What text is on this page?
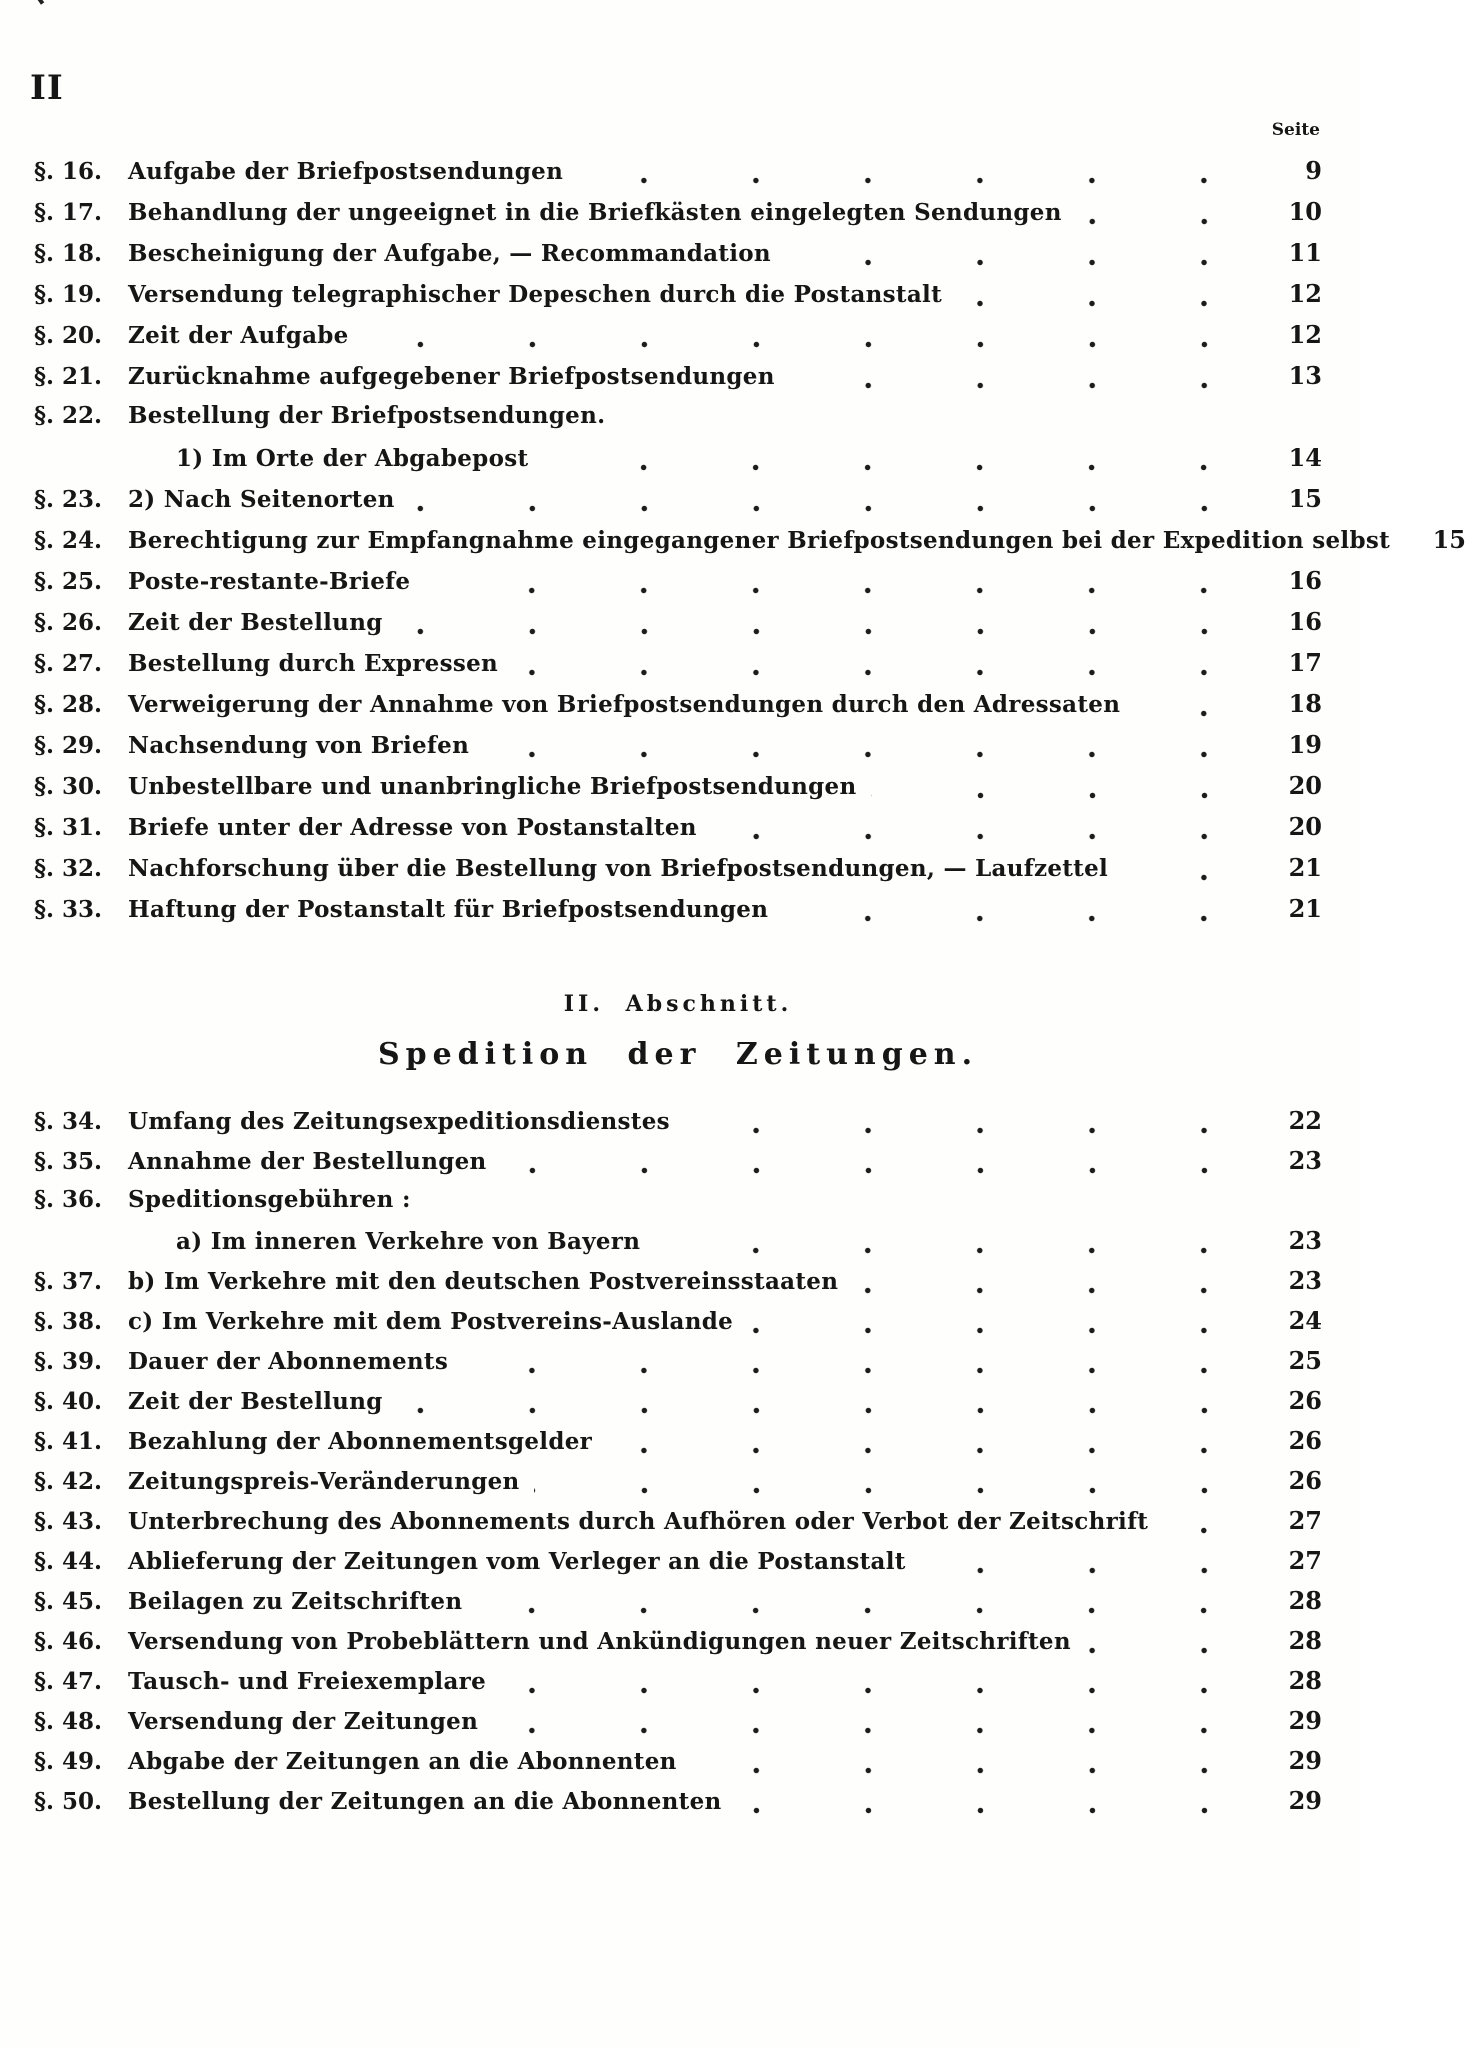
II
Seite
§. 16.	Aufgabe der Briefpostsendungen	9
§. 17.	Behandlung der ungeeignet in die Briefkästen eingelegten Sendungen	10
§. 18.	Bescheinigung der Aufgabe, — Recommandation	11
§. 19.	Versendung telegraphischer Depeschen durch die Postanstalt	12
§. 20.	Zeit der Aufgabe	12
§. 21.	Zurücknahme aufgegebener Briefpostsendungen	13
§. 22.	Bestellung der Briefpostsendungen.
1) Im Orte der Abgabepost	14
§. 23.	2) Nach Seitenorten	15
§. 24.	Berechtigung zur Empfangnahme eingegangener Briefpostsendungen bei der Expedition selbst	15
§. 25.	Poste-restante-Briefe	16
§. 26.	Zeit der Bestellung	16
§. 27.	Bestellung durch Expressen	17
§. 28.	Verweigerung der Annahme von Briefpostsendungen durch den Adressaten	18
§. 29.	Nachsendung von Briefen	19
§. 30.	Unbestellbare und unanbringliche Briefpostsendungen	20
§. 31.	Briefe unter der Adresse von Postanstalten	20
§. 32.	Nachforschung über die Bestellung von Briefpostsendungen, — Laufzettel	21
§. 33.	Haftung der Postanstalt für Briefpostsendungen	21
II. Abschnitt.
Spedition der Zeitungen.
§. 34.	Umfang des Zeitungsexpeditionsdienstes	22
§. 35.	Annahme der Bestellungen	23
§. 36.	Speditionsgebühren :
a) Im inneren Verkehre von Bayern	23
§. 37.	b) Im Verkehre mit den deutschen Postvereinsstaaten	23
§. 38.	c) Im Verkehre mit dem Postvereins-Auslande	24
§. 39.	Dauer der Abonnements	25
§. 40.	Zeit der Bestellung	26
§. 41.	Bezahlung der Abonnementsgelder	26
§. 42.	Zeitungspreis-Veränderungen	26
§. 43.	Unterbrechung des Abonnements durch Aufhören oder Verbot der Zeitschrift	27
§. 44.	Ablieferung der Zeitungen vom Verleger an die Postanstalt	27
§. 45.	Beilagen zu Zeitschriften	28
§. 46.	Versendung von Probeblättern und Ankündigungen neuer Zeitschriften	28
§. 47.	Tausch- und Freiexemplare	28
§. 48.	Versendung der Zeitungen	29
§. 49.	Abgabe der Zeitungen an die Abonnenten	29
§. 50.	Bestellung der Zeitungen an die Abonnenten	29
